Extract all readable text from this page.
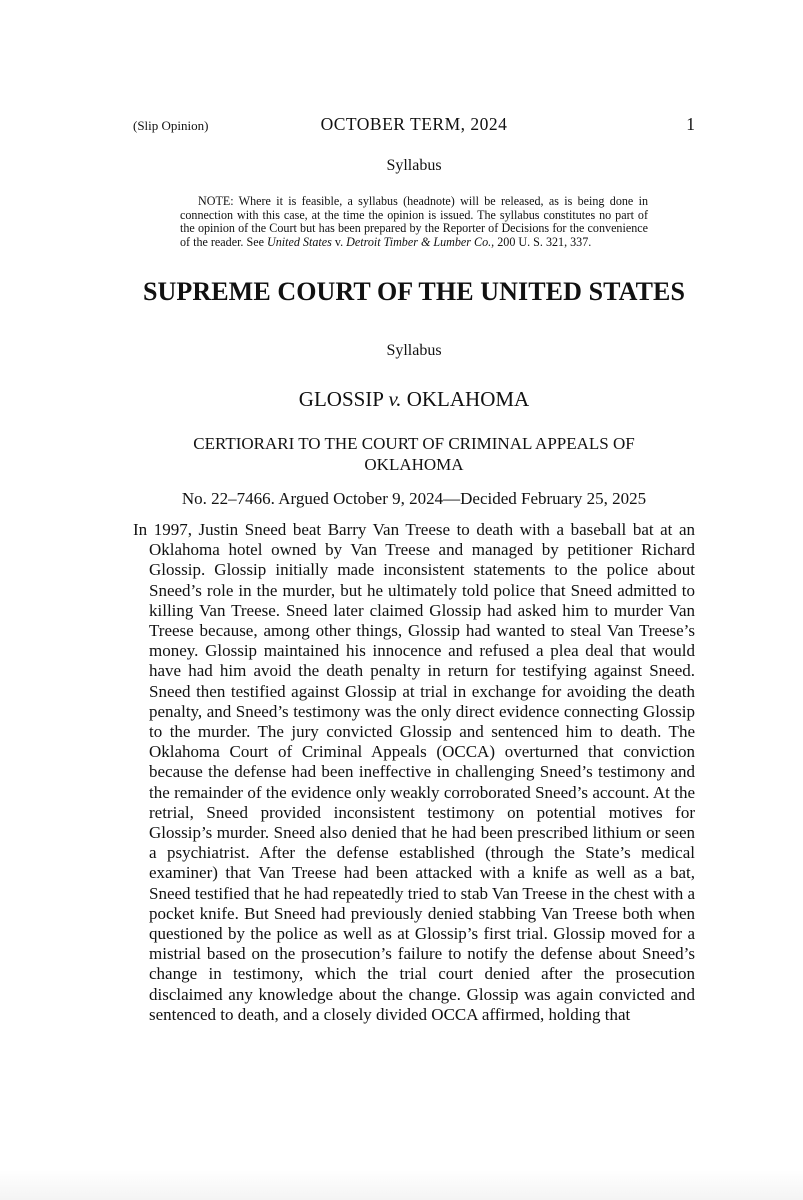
(Slip Opinion)	OCTOBER TERM, 2024	1
Syllabus

NOTE: Where it is feasible, a syllabus (headnote) will be released, as is being done in connection with this case, at the time the opinion is issued. The syllabus constitutes no part of the opinion of the Court but has been prepared by the Reporter of Decisions for the convenience of the reader. See United States v. Detroit Timber & Lumber Co., 200 U. S. 321, 337.

SUPREME COURT OF THE UNITED STATES
Syllabus
GLOSSIP v. OKLAHOMA
CERTIORARI TO THE COURT OF CRIMINAL APPEALS OF OKLAHOMA
No. 22–7466. Argued October 9, 2024—Decided February 25, 2025

In 1997, Justin Sneed beat Barry Van Treese to death with a baseball bat at an Oklahoma hotel owned by Van Treese and managed by petitioner Richard Glossip. Glossip initially made inconsistent statements to the police about Sneed’s role in the murder, but he ultimately told police that Sneed admitted to killing Van Treese. Sneed later claimed Glossip had asked him to murder Van Treese because, among other things, Glossip had wanted to steal Van Treese’s money. Glossip maintained his innocence and refused a plea deal that would have had him avoid the death penalty in return for testifying against Sneed. Sneed then testified against Glossip at trial in exchange for avoiding the death penalty, and Sneed’s testimony was the only direct evidence connecting Glossip to the murder. The jury convicted Glossip and sentenced him to death. The Oklahoma Court of Criminal Appeals (OCCA) overturned that conviction because the defense had been ineffective in challenging Sneed’s testimony and the remainder of the evidence only weakly corroborated Sneed’s account. At the retrial, Sneed provided inconsistent testimony on potential motives for Glossip’s murder. Sneed also denied that he had been prescribed lithium or seen a psychiatrist. After the defense established (through the State’s medical examiner) that Van Treese had been attacked with a knife as well as a bat, Sneed testified that he had repeatedly tried to stab Van Treese in the chest with a pocket knife. But Sneed had previously denied stabbing Van Treese both when questioned by the police as well as at Glossip’s first trial. Glossip moved for a mistrial based on the prosecution’s failure to notify the defense about Sneed’s change in testimony, which the trial court denied after the prosecution disclaimed any knowledge about the change. Glossip was again convicted and sentenced to death, and a closely divided OCCA affirmed, holding that
